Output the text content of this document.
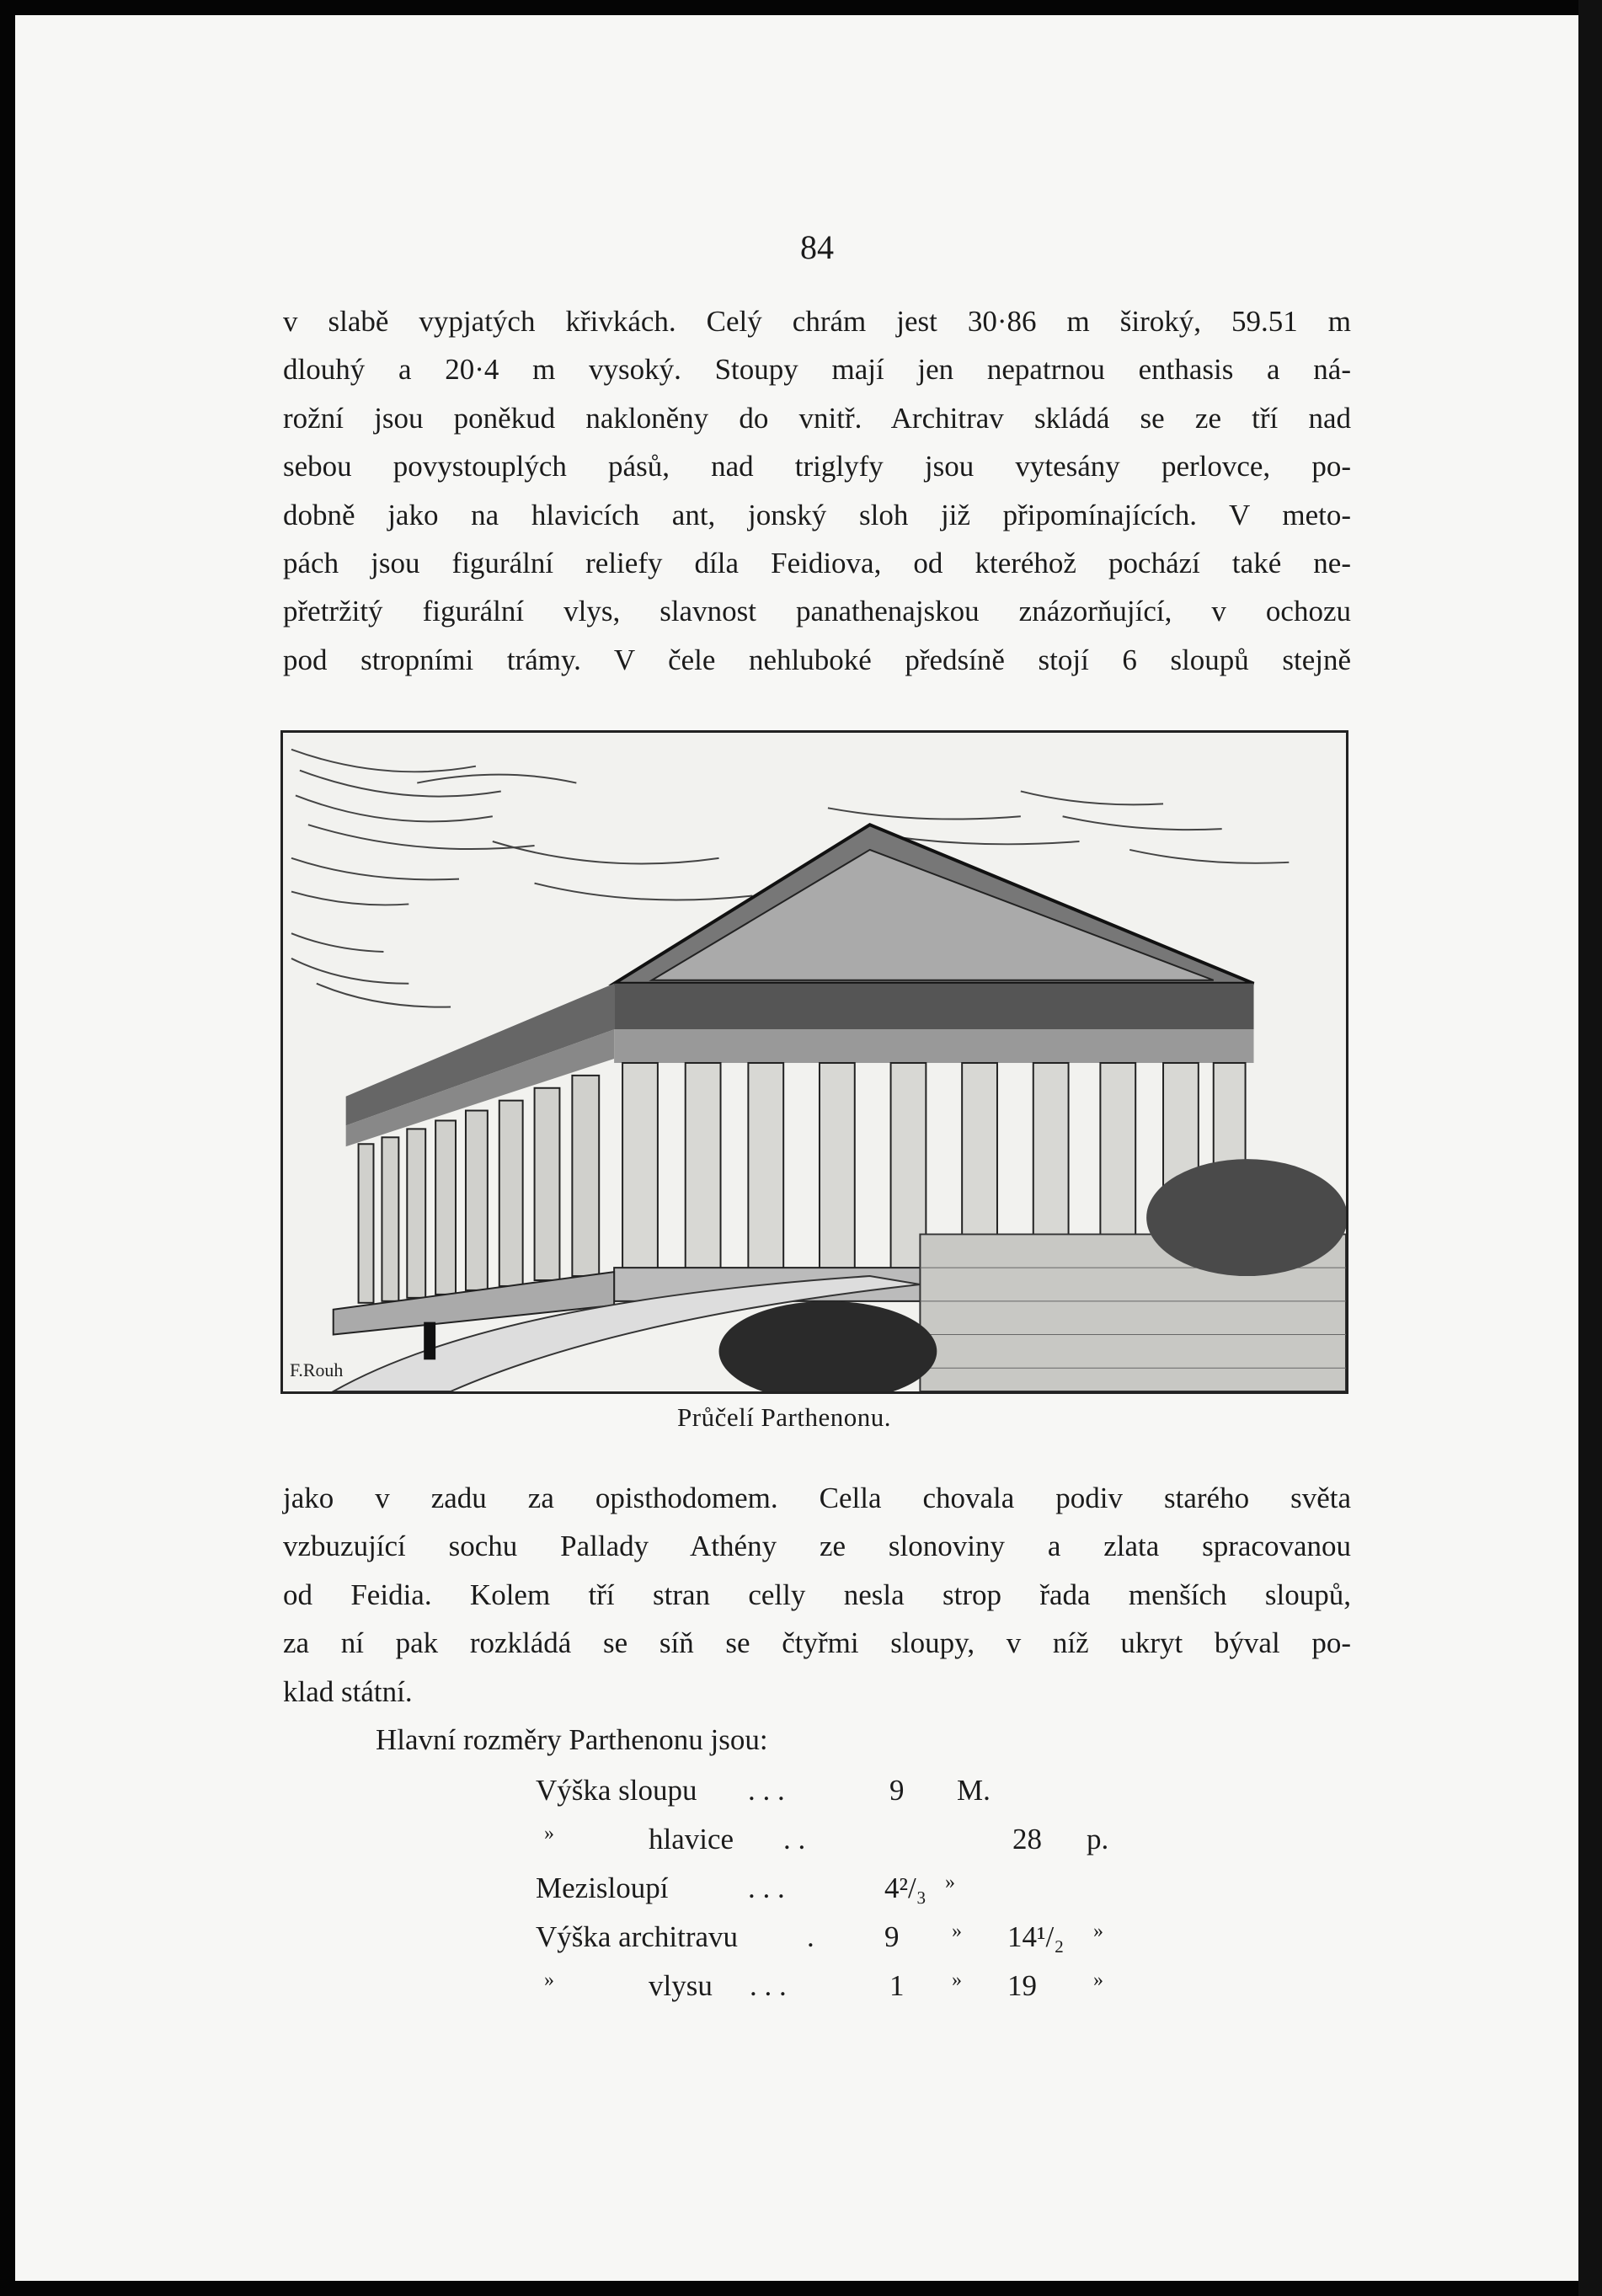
84
v slabě vypjatých křivkách. Celý chrám jest 30·86 m široký, 59.51 m
dlouhý a 20·4 m vysoký. Stoupy mají jen nepatrnou enthasis a ná-
rožní jsou poněkud nakloněny do vnitř. Architrav skládá se ze tří nad
sebou povystouplých pásů, nad triglyfy jsou vytesány perlovce, po-
dobně jako na hlavicích ant, jonský sloh již připomínajících. V meto-
pách jsou figurální reliefy díla Feidiova, od kteréhož pochází také ne-
přetržitý figurální vlys, slavnost panathenajskou znázorňující, v ochozu
pod stropními trámy. V čele nehluboké předsíně stojí 6 sloupů stejně
F.Rouh
Průčelí Parthenonu.
jako v zadu za opisthodomem. Cella chovala podiv starého světa
vzbuzující sochu Pallady Athény ze slonoviny a zlata spracovanou
od Feidia. Kolem tří stran celly nesla strop řada menších sloupů,
za ní pak rozkládá se síň se čtyřmi sloupy, v níž ukryt býval po-
klad státní.
Hlavní rozměry Parthenonu jsou:
Výška sloupu . . .	9 M.
»	hlavice . .	28 p.
Mezisloupí	. . .	4²/₃ »
Výška architravu . 9	» 14¹/₂ »
»	vlysu . . .	1 » 19	»
